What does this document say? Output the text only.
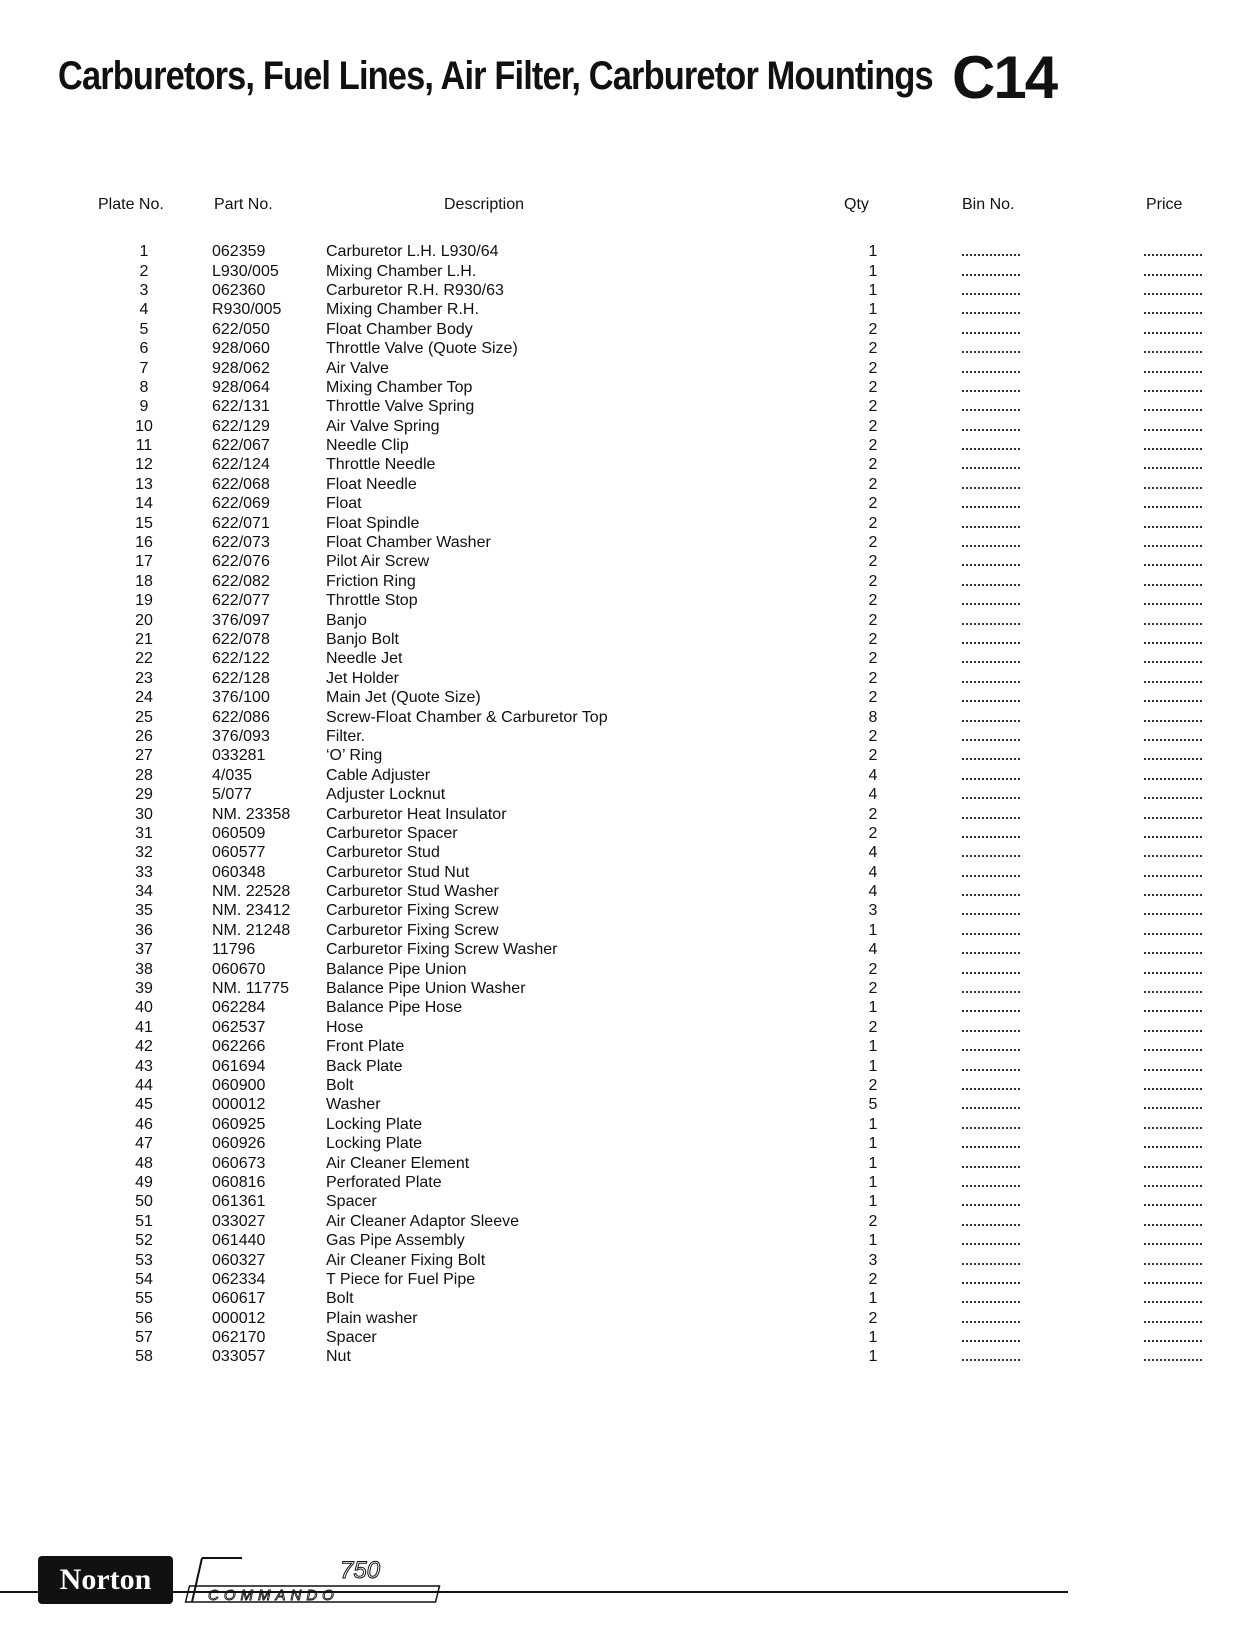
Carburetors, Fuel Lines, Air Filter, Carburetor Mountings C14
Plate No.	Part No.	Description	Qty	Bin No.	Price
1	062359	Carburetor L.H. L930/64	1		
2	L930/005	Mixing Chamber L.H.	1		
3	062360	Carburetor R.H. R930/63	1		
4	R930/005	Mixing Chamber R.H.	1		
5	622/050	Float Chamber Body	2		
6	928/060	Throttle Valve (Quote Size)	2		
7	928/062	Air Valve	2		
8	928/064	Mixing Chamber Top	2		
9	622/131	Throttle Valve Spring	2		
10	622/129	Air Valve Spring	2		
11	622/067	Needle Clip	2		
12	622/124	Throttle Needle	2		
13	622/068	Float Needle	2		
14	622/069	Float	2		
15	622/071	Float Spindle	2		
16	622/073	Float Chamber Washer	2		
17	622/076	Pilot Air Screw	2		
18	622/082	Friction Ring	2		
19	622/077	Throttle Stop	2		
20	376/097	Banjo	2		
21	622/078	Banjo Bolt	2		
22	622/122	Needle Jet	2		
23	622/128	Jet Holder	2		
24	376/100	Main Jet (Quote Size)	2		
25	622/086	Screw-Float Chamber & Carburetor Top	8		
26	376/093	Filter.	2		
27	033281	‘O’ Ring	2		
28	4/035	Cable Adjuster	4		
29	5/077	Adjuster Locknut	4		
30	NM. 23358	Carburetor Heat Insulator	2		
31	060509	Carburetor Spacer	2		
32	060577	Carburetor Stud	4		
33	060348	Carburetor Stud Nut	4		
34	NM. 22528	Carburetor Stud Washer	4		
35	NM. 23412	Carburetor Fixing Screw	3		
36	NM. 21248	Carburetor Fixing Screw	1		
37	11796	Carburetor Fixing Screw Washer	4		
38	060670	Balance Pipe Union	2		
39	NM. 11775	Balance Pipe Union Washer	2		
40	062284	Balance Pipe Hose	1		
41	062537	Hose	2		
42	062266	Front Plate	1		
43	061694	Back Plate	1		
44	060900	Bolt	2		
45	000012	Washer	5		
46	060925	Locking Plate	1		
47	060926	Locking Plate	1		
48	060673	Air Cleaner Element	1		
49	060816	Perforated Plate	1		
50	061361	Spacer	1		
51	033027	Air Cleaner Adaptor Sleeve	2		
52	061440	Gas Pipe Assembly	1		
53	060327	Air Cleaner Fixing Bolt	3		
54	062334	T Piece for Fuel Pipe	2		
55	060617	Bolt	1		
56	000012	Plain washer	2		
57	062170	Spacer	1		
58	033057	Nut	1		
Norton	750
COMMANDO
